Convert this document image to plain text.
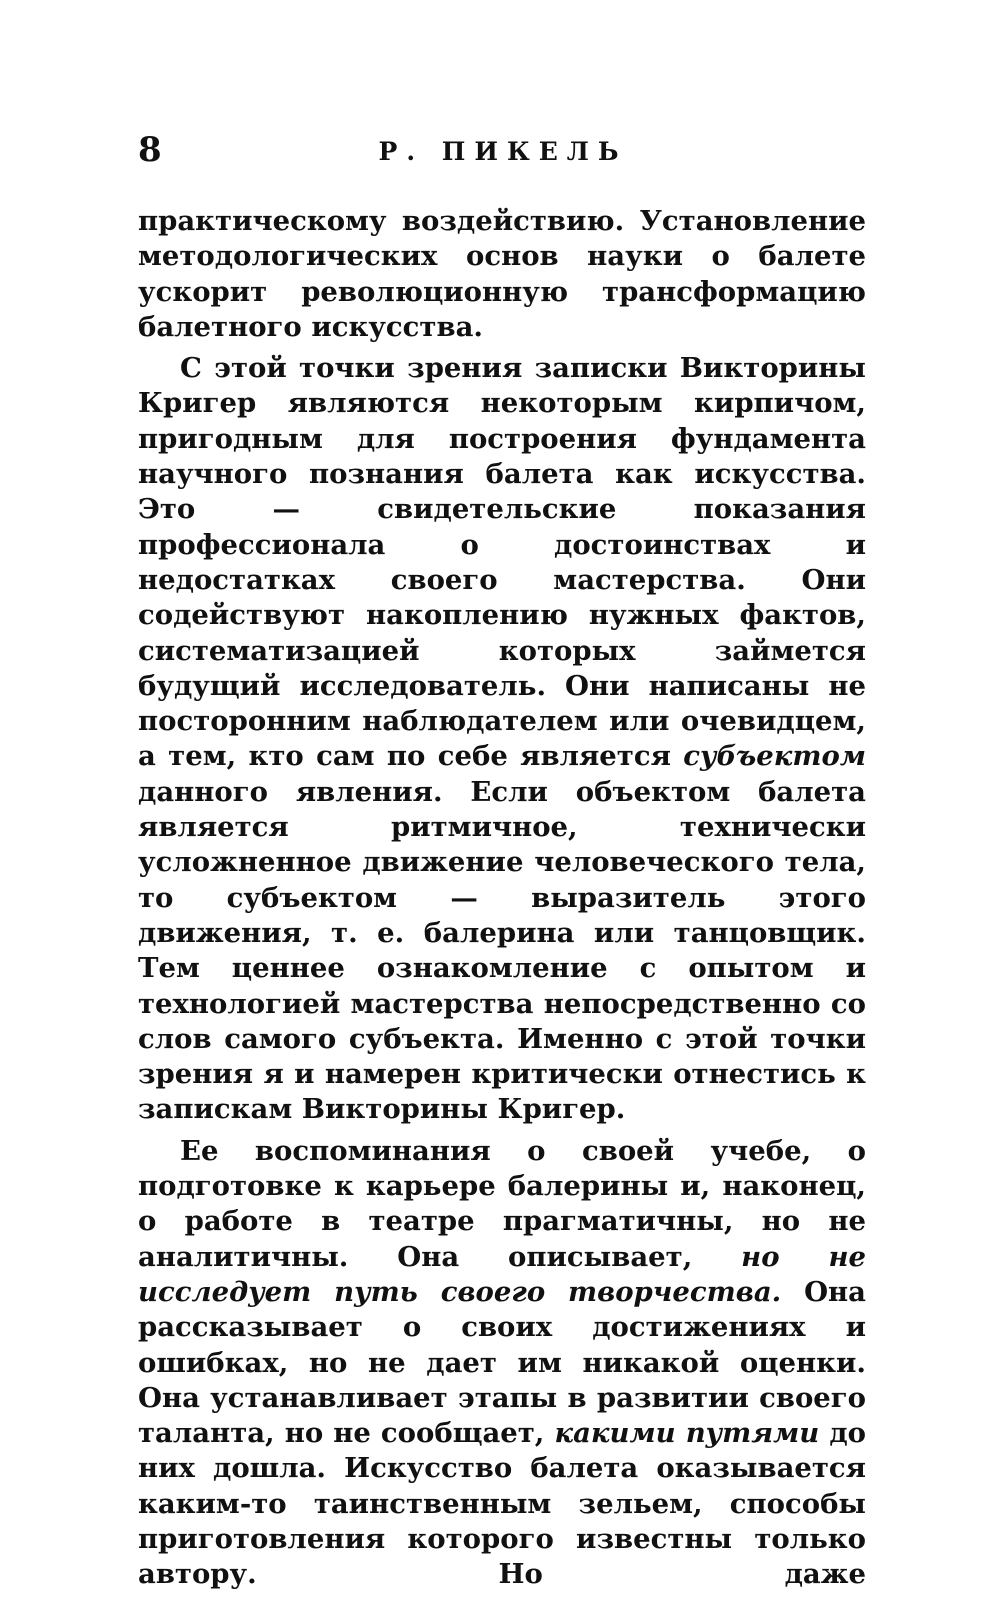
8	Р. ПИКЕЛЬ

практическому воздействию. Установление методологических основ науки о балете ускорит революционную трансформацию балетного искусства.

С этой точки зрения записки Викторины Кригер являются некоторым кирпичом, пригодным для построения фундамента научного познания балета как искусства. Это — свидетельские показания профессионала о достоинствах и недостатках своего мастерства. Они содействуют накоплению нужных фактов, систематизацией которых займется будущий исследователь. Они написаны не посторонним наблюдателем или очевидцем, а тем, кто сам по себе является субъектом данного явления. Если объектом балета является ритмичное, технически усложненное движение человеческого тела, то субъектом — выразитель этого движения, т. е. балерина или танцовщик. Тем ценнее ознакомление с опытом и технологией мастерства непосредственно со слов самого субъекта. Именно с этой точки зрения я и намерен критически отнестись к запискам Викторины Кригер.

Ее воспоминания о своей учебе, о подготовке к карьере балерины и, наконец, о работе в театре прагматичны, но не аналитичны. Она описывает, но не исследует путь своего творчества. Она рассказывает о своих достижениях и ошибках, но не дает им никакой оценки. Она устанавливает этапы в развитии своего таланта, но не сообщает, какими путями до них дошла. Искусство балета оказывается каким-то таинственным зельем, способы приготовления которого известны только автору. Но даже
